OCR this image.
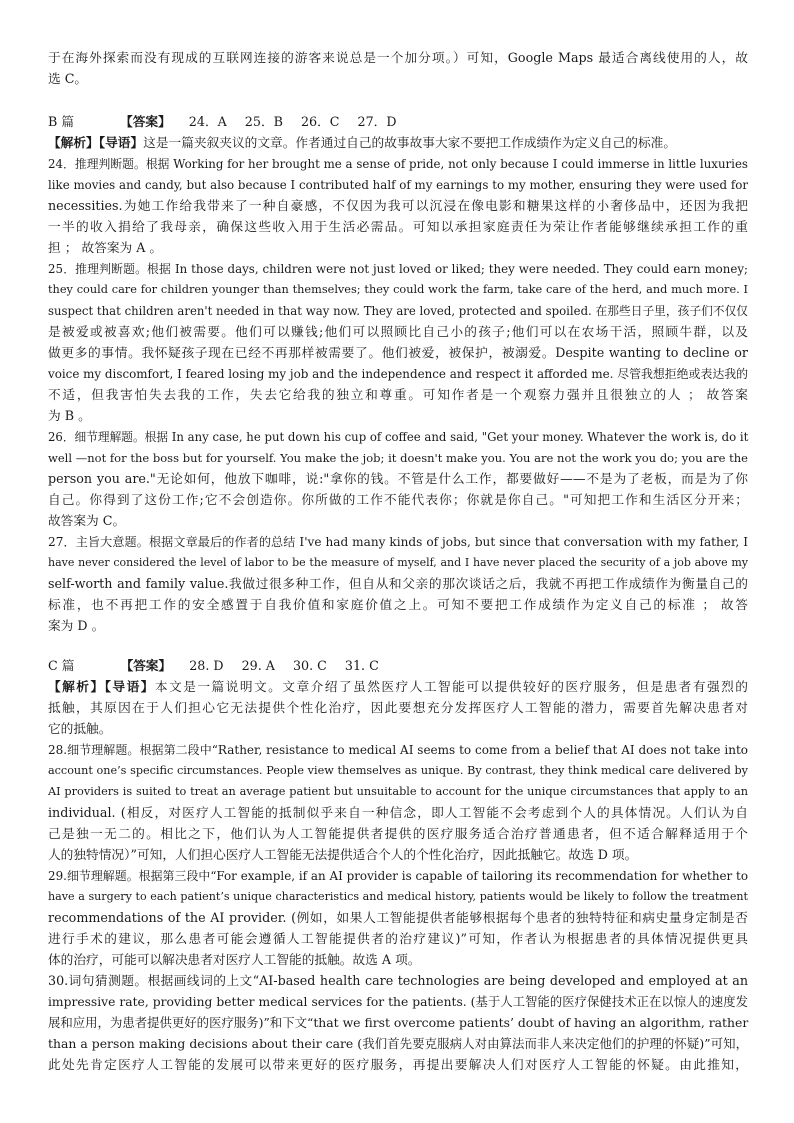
于在海外探索而没有现成的互联网连接的游客来说总是一个加分项。）可知，Google Maps 最适合离线使用的人，故
选 C。
B 篇	【答案】 24．A 25．B 26．C 27．D
【解析】【导语】这是一篇夹叙夹议的文章。作者通过自己的故事故事大家不要把工作成绩作为定义自己的标准。
24．推理判断题。根据 Working for her brought me a sense of pride, not only because I could immerse in little luxuries
like movies and candy, but also because I contributed half of my earnings to my mother, ensuring they were used for
necessities.为她工作给我带来了一种自豪感，不仅因为我可以沉浸在像电影和糖果这样的小奢侈品中，还因为我把
一半的收入捐给了我母亲，确保这些收入用于生活必需品。可知以承担家庭责任为荣让作者能够继续承担工作的重
担 ； 故答案为 A 。
25．推理判断题。根据 In those days, children were not just loved or liked; they were needed. They could earn money;
they could care for children younger than themselves; they could work the farm, take care of the herd, and much more. I
suspect that children aren't needed in that way now. They are loved, protected and spoiled. 在那些日子里，孩子们不仅仅
是被爱或被喜欢;他们被需要。他们可以赚钱;他们可以照顾比自己小的孩子;他们可以在农场干活，照顾牛群，以及
做更多的事情。我怀疑孩子现在已经不再那样被需要了。他们被爱，被保护，被溺爱。Despite wanting to decline or
voice my discomfort, I feared losing my job and the independence and respect it afforded me. 尽管我想拒绝或表达我的
不适，但我害怕失去我的工作，失去它给我的独立和尊重。可知作者是一个观察力强并且很独立的人 ； 故答案
为 B 。
26．细节理解题。根据 In any case, he put down his cup of coffee and said, "Get your money. Whatever the work is, do it
well —not for the boss but for yourself. You make the job; it doesn't make you. You are not the work you do; you are the
person you are."无论如何，他放下咖啡，说:"拿你的钱。不管是什么工作，都要做好——不是为了老板，而是为了你
自己。你得到了这份工作;它不会创造你。你所做的工作不能代表你；你就是你自己。"可知把工作和生活区分开来；
故答案为 C。
27．主旨大意题。根据文章最后的作者的总结 I've had many kinds of jobs, but since that conversation with my father, I
have never considered the level of labor to be the measure of myself, and I have never placed the security of a job above my
self-worth and family value.我做过很多种工作，但自从和父亲的那次谈话之后，我就不再把工作成绩作为衡量自己的
标准，也不再把工作的安全感置于自我价值和家庭价值之上。可知不要把工作成绩作为定义自己的标准 ； 故答
案为 D 。
C 篇	【答案】 28. D 29. A 30. C 31. C
【解析】【导语】本文是一篇说明文。文章介绍了虽然医疗人工智能可以提供较好的医疗服务，但是患者有强烈的
抵触，其原因在于人们担心它无法提供个性化治疗，因此要想充分发挥医疗人工智能的潜力，需要首先解决患者对
它的抵触。
28.细节理解题。根据第二段中“Rather, resistance to medical AI seems to come from a belief that AI does not take into
account one’s specific circumstances. People view themselves as unique. By contrast, they think medical care delivered by
AI providers is suited to treat an average patient but unsuitable to account for the unique circumstances that apply to an
individual. (相反，对医疗人工智能的抵制似乎来自一种信念，即人工智能不会考虑到个人的具体情况。人们认为自
己是独一无二的。相比之下，他们认为人工智能提供者提供的医疗服务适合治疗普通患者，但不适合解释适用于个
人的独特情况）”可知，人们担心医疗人工智能无法提供适合个人的个性化治疗，因此抵触它。故选 D 项。
29.细节理解题。根据第三段中“For example, if an AI provider is capable of tailoring its recommendation for whether to
have a surgery to each patient’s unique characteristics and medical history, patients would be likely to follow the treatment
recommendations of the AI provider. (例如，如果人工智能提供者能够根据每个患者的独特特征和病史量身定制是否
进行手术的建议，那么患者可能会遵循人工智能提供者的治疗建议)”可知，作者认为根据患者的具体情况提供更具
体的治疗，可能可以解决患者对医疗人工智能的抵触。故选 A 项。
30.词句猜测题。根据画线词的上文“AI-based health care technologies are being developed and employed at an
impressive rate, providing better medical services for the patients. (基于人工智能的医疗保健技术正在以惊人的速度发
展和应用，为患者提供更好的医疗服务)”和下文“that we first overcome patients’ doubt of having an algorithm, rather
than a person making decisions about their care (我们首先要克服病人对由算法而非人来决定他们的护理的怀疑)”可知，
此处先肯定医疗人工智能的发展可以带来更好的医疗服务，再提出要解决人们对医疗人工智能的怀疑。由此推知，
